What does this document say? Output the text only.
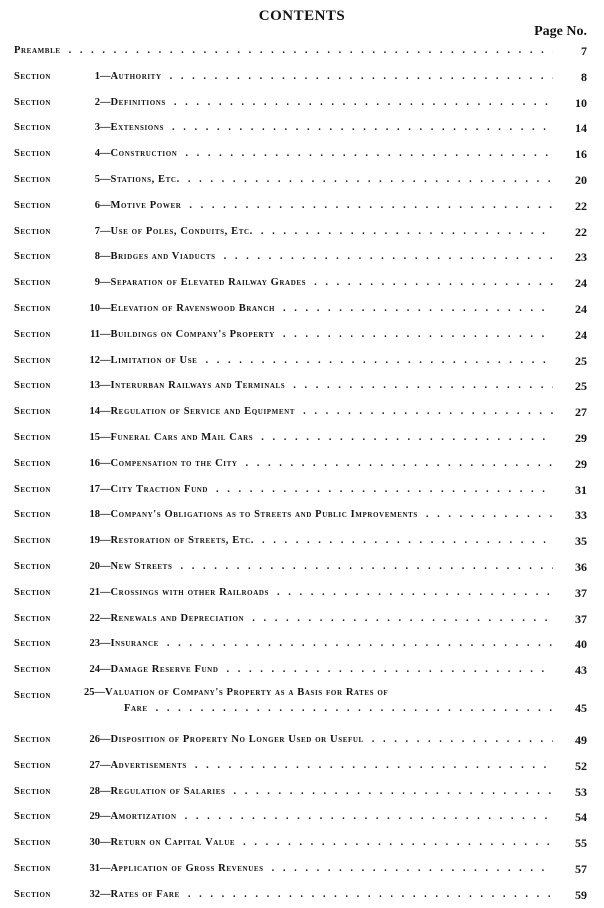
CONTENTS
Page No.
Preamble . . .	7
Section	1 — Authority . . .	8
Section	2 — Definitions . . .	10
Section	3 — Extensions . . .	14
Section	4 — Construction . . .	16
Section	5 — Stations, Etc. . . .	20
Section	6 — Motive Power . . .	22
Section	7 — Use of Poles, Conduits, Etc. . . .	22
Section	8 — Bridges and Viaducts . . .	23
Section	9 — Separation of Elevated Railway Grades . . .	24
Section	10 — Elevation of Ravenswood Branch . . .	24
Section	11 — Buildings on Company's Property . . .	24
Section	12 — Limitation of Use . . .	25
Section	13 — Interurban Railways and Terminals . . .	25
Section	14 — Regulation of Service and Equipment . . .	27
Section	15 — Funeral Cars and Mail Cars . . .	29
Section	16 — Compensation to the City . . .	29
Section	17 — City Traction Fund . . .	31
Section	18 — Company's Obligations as to Streets and Public Improvements . . .	33
Section	19 — Restoration of Streets, Etc. . . .	35
Section	20 — New Streets . . .	36
Section	21 — Crossings with other Railroads . . .	37
Section	22 — Renewals and Depreciation . . .	37
Section	23 — Insurance . . .	40
Section	24 — Damage Reserve Fund . . .	43
Section	25—Valuation of Company's Property as a Basis for Rates of
Fare . . .	45
Section	26 — Disposition of Property No Longer Used or Useful . . .	49
Section	27 — Advertisements . . .	52
Section	28 — Regulation of Salaries . . .	53
Section	29 — Amortization . . .	54
Section	30 — Return on Capital Value . . .	55
Section	31 — Application of Gross Revenues . . .	57
Section	32 — Rates of Fare . . .	59
